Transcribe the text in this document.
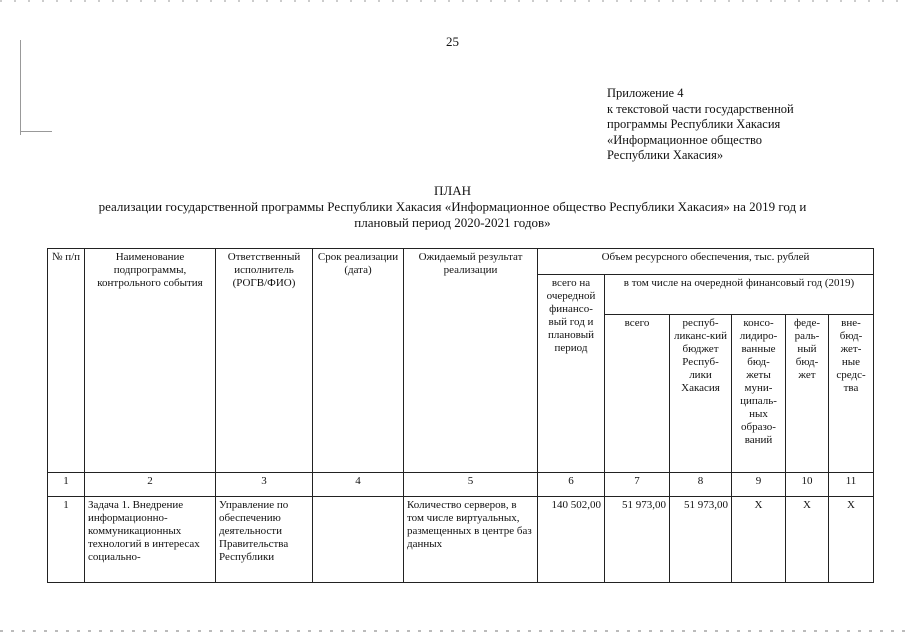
25
Приложение 4
к текстовой части государственной
программы Республики Хакасия
«Информационное общество
Республики Хакасия»
ПЛАН
реализации государственной программы Республики Хакасия «Информационное общество Республики Хакасия» на 2019 год и
плановый период 2020-2021 годов»
№ п/п	Наименование подпрограммы, контрольного события	Ответственный исполнитель (РОГВ/ФИО)	Срок реализации (дата)	Ожидаемый результат реализации	Объем ресурсного обеспечения, тыс. рублей					
					всего на очередной финансо-вый год и плановый период	в том числе на очередной финансовый год (2019)				
						всего	респуб-ликанс-кий бюджет Респуб-лики Хакасия	консо-лидиро-ванные бюд-жеты муни-ципаль-ных образо-ваний	феде-раль-ный бюд-жет	вне-бюд-жет-ные средс-тва
1	2	3	4	5	6	7	8	9	10	11
1	Задача 1. Внедрение информационно-коммуникационных технологий в интересах социально-	Управление по обеспечению деятельности Правительства Республики		Количество серверов, в том числе виртуальных, размещенных в центре баз данных	140 502,00	51 973,00	51 973,00	Х	Х	Х
